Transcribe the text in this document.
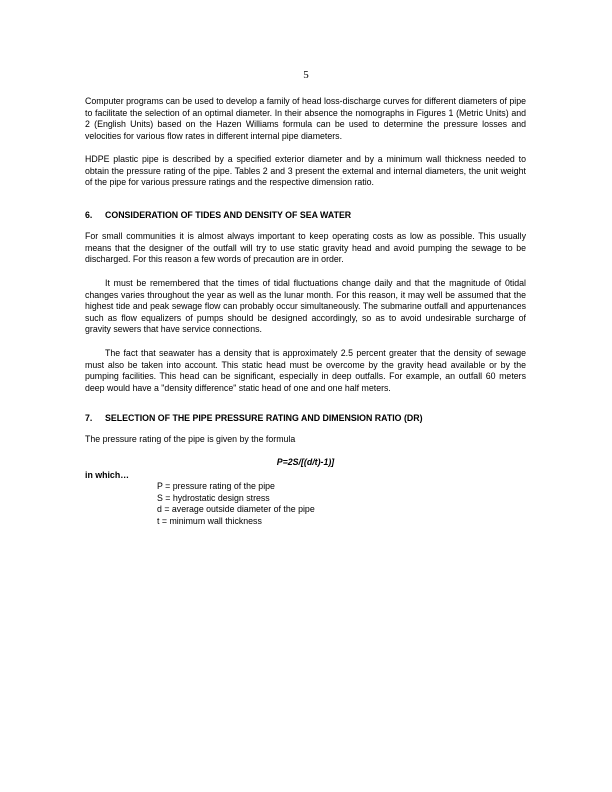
5

Computer programs can be used to develop a family of head loss-discharge curves for different diameters of pipe to facilitate the selection of an optimal diameter. In their absence the nomographs in Figures 1 (Metric Units) and 2 (English Units) based on the Hazen Williams formula can be used to determine the pressure losses and velocities for various flow rates in different internal pipe diameters.

HDPE plastic pipe is described by a specified exterior diameter and by a minimum wall thickness needed to obtain the pressure rating of the pipe. Tables 2 and 3 present the external and internal diameters, the unit weight of the pipe for various pressure ratings and the respective dimension ratio.

6. CONSIDERATION OF TIDES AND DENSITY OF SEA WATER

For small communities it is almost always important to keep operating costs as low as possible. This usually means that the designer of the outfall will try to use static gravity head and avoid pumping the sewage to be discharged. For this reason a few words of precaution are in order.

It must be remembered that the times of tidal fluctuations change daily and that the magnitude of 0tidal changes varies throughout the year as well as the lunar month. For this reason, it may well be assumed that the highest tide and peak sewage flow can probably occur simultaneously. The submarine outfall and appurtenances such as flow equalizers of pumps should be designed accordingly, so as to avoid undesirable surcharge of gravity sewers that have service connections.

The fact that seawater has a density that is approximately 2.5 percent greater that the density of sewage must also be taken into account. This static head must be overcome by the gravity head available or by the pumping facilities. This head can be significant, especially in deep outfalls. For example, an outfall 60 meters deep would have a "density difference" static head of one and one half meters.

7. SELECTION OF THE PIPE PRESSURE RATING AND DIMENSION RATIO (DR)

The pressure rating of the pipe is given by the formula

P=2S/[(d/t)-1)]
in which…
P = pressure rating of the pipe
S = hydrostatic design stress
d = average outside diameter of the pipe
t = minimum wall thickness
